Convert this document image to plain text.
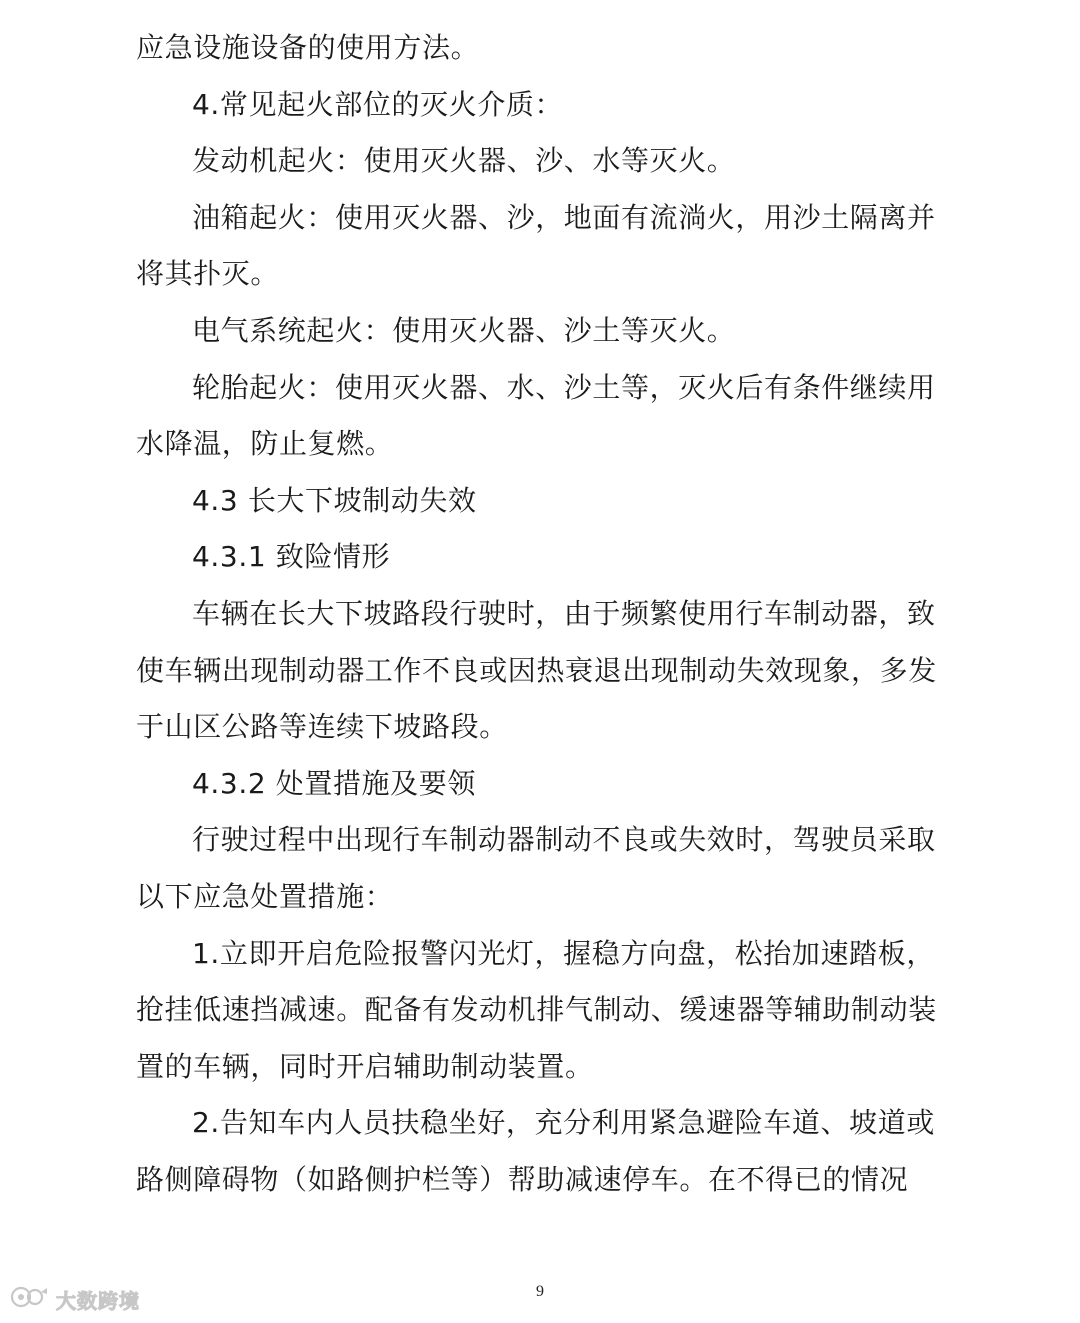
应急设施设备的使用方法。
4.常见起火部位的灭火介质：
发动机起火：使用灭火器、沙、水等灭火。
油箱起火：使用灭火器、沙，地面有流淌火，用沙土隔离并
将其扑灭。
电气系统起火：使用灭火器、沙土等灭火。
轮胎起火：使用灭火器、水、沙土等，灭火后有条件继续用
水降温，防止复燃。
4.3 长大下坡制动失效
4.3.1 致险情形
车辆在长大下坡路段行驶时，由于频繁使用行车制动器，致
使车辆出现制动器工作不良或因热衰退出现制动失效现象，多发
于山区公路等连续下坡路段。
4.3.2 处置措施及要领
行驶过程中出现行车制动器制动不良或失效时，驾驶员采取
以下应急处置措施：
1.立即开启危险报警闪光灯，握稳方向盘，松抬加速踏板，
抢挂低速挡减速。配备有发动机排气制动、缓速器等辅助制动装
置的车辆，同时开启辅助制动装置。
2.告知车内人员扶稳坐好，充分利用紧急避险车道、坡道或
路侧障碍物（如路侧护栏等）帮助减速停车。在不得已的情况
9
大数跨境
